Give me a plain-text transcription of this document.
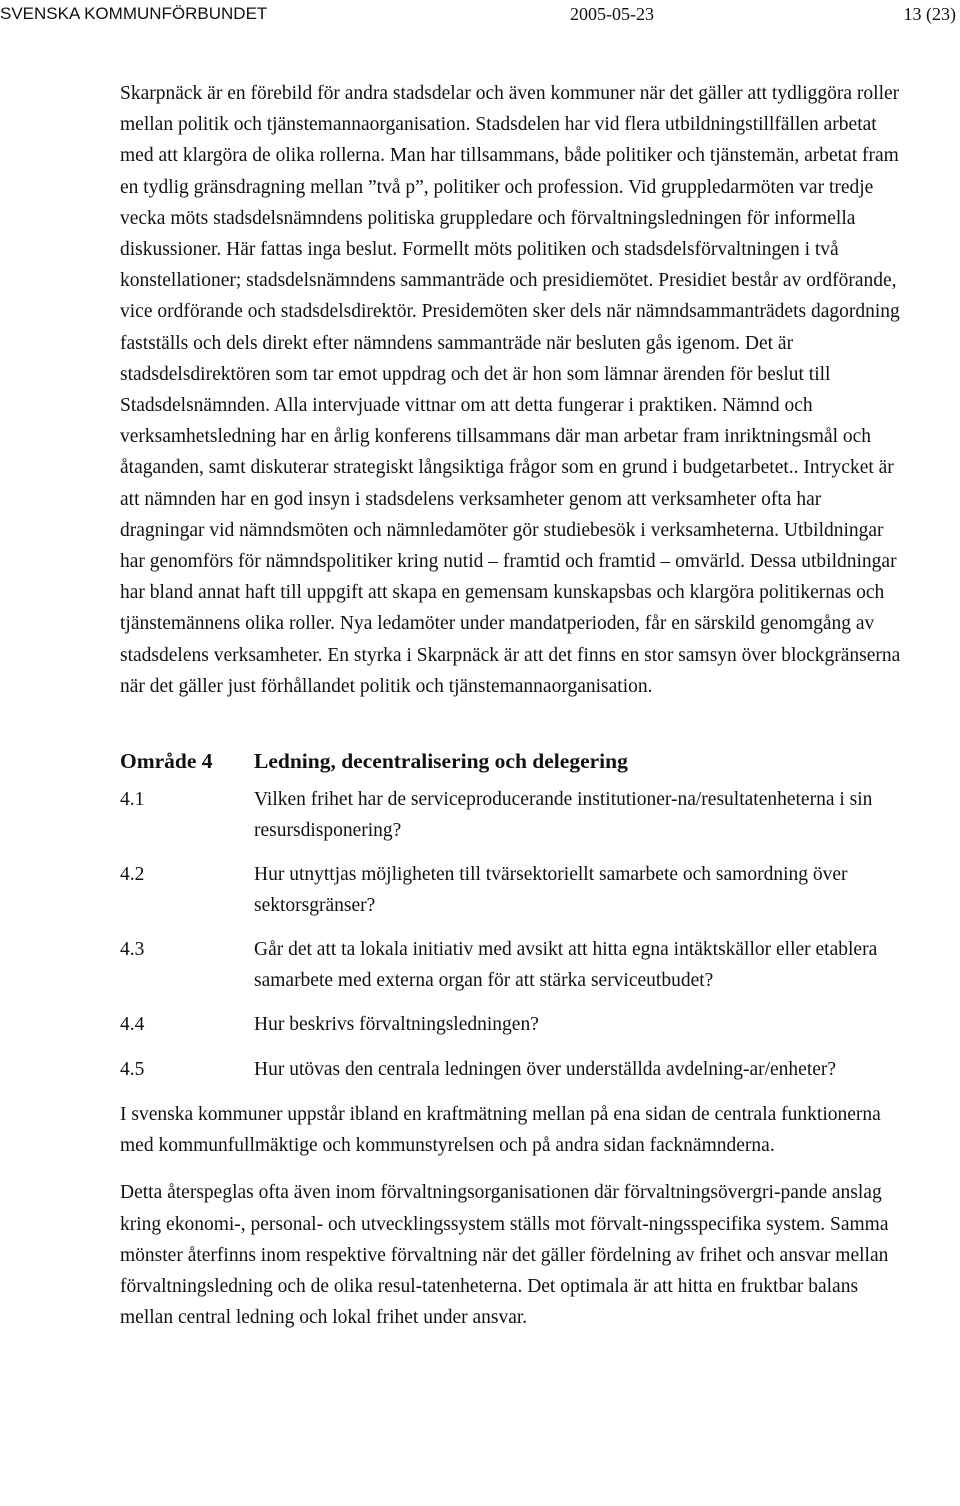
SVENSKA KOMMUNFÖRBUNDET	2005-05-23	13 (23)

Skarpnäck är en förebild för andra stadsdelar och även kommuner när det gäller att tydliggöra roller mellan politik och tjänstemannaorganisation. Stadsdelen har vid flera utbildningstillfällen arbetat med att klargöra de olika rollerna. Man har tillsammans, både politiker och tjänstemän, arbetat fram en tydlig gränsdragning mellan ”två p”, politiker och profession. Vid gruppledarmöten var tredje vecka möts stadsdelsnämndens politiska gruppledare och förvaltningsledningen för informella diskussioner. Här fattas inga beslut. Formellt möts politiken och stadsdelsförvaltningen i två konstellationer; stadsdelsnämndens sammanträde och presidiemötet. Presidiet består av ordförande, vice ordförande och stadsdelsdirektör. Presidemöten sker dels när nämndsammanträdets dagordning fastställs och dels direkt efter nämndens sammanträde när besluten gås igenom. Det är stadsdelsdirektören som tar emot uppdrag och det är hon som lämnar ärenden för beslut till Stadsdelsnämnden. Alla intervjuade vittnar om att detta fungerar i praktiken. Nämnd och verksamhetsledning har en årlig konferens tillsammans där man arbetar fram inriktningsmål och åtaganden, samt diskuterar strategiskt långsiktiga frågor som en grund i budgetarbetet.. Intrycket är att nämnden har en god insyn i stadsdelens verksamheter genom att verksamheter ofta har dragningar vid nämndsmöten och nämnledamöter gör studiebesök i verksamheterna. Utbildningar har genomförs för nämndspolitiker kring nutid – framtid och framtid – omvärld. Dessa utbildningar har bland annat haft till uppgift att skapa en gemensam kunskapsbas och klargöra politikernas och tjänstemännens olika roller. Nya ledamöter under mandatperioden, får en särskild genomgång av stadsdelens verksamheter. En styrka i Skarpnäck är att det finns en stor samsyn över blockgränserna när det gäller just förhållandet politik och tjänstemannaorganisation.

Område 4	Ledning, decentralisering och delegering
4.1	Vilken frihet har de serviceproducerande institutioner-na/resultatenheterna i sin resursdisponering?
4.2	Hur utnyttjas möjligheten till tvärsektoriellt samarbete och samordning över sektorsgränser?
4.3	Går det att ta lokala initiativ med avsikt att hitta egna intäktskällor eller etablera samarbete med externa organ för att stärka serviceutbudet?
4.4	Hur beskrivs förvaltningsledningen?
4.5	Hur utövas den centrala ledningen över underställda avdelning-ar/enheter?

I svenska kommuner uppstår ibland en kraftmätning mellan på ena sidan de centrala funktionerna med kommunfullmäktige och kommunstyrelsen och på andra sidan facknämnderna.

Detta återspeglas ofta även inom förvaltningsorganisationen där förvaltningsövergri-pande anslag kring ekonomi-, personal- och utvecklingssystem ställs mot förvalt-ningsspecifika system. Samma mönster återfinns inom respektive förvaltning när det gäller fördelning av frihet och ansvar mellan förvaltningsledning och de olika resul-tatenheterna. Det optimala är att hitta en fruktbar balans mellan central ledning och lokal frihet under ansvar.
